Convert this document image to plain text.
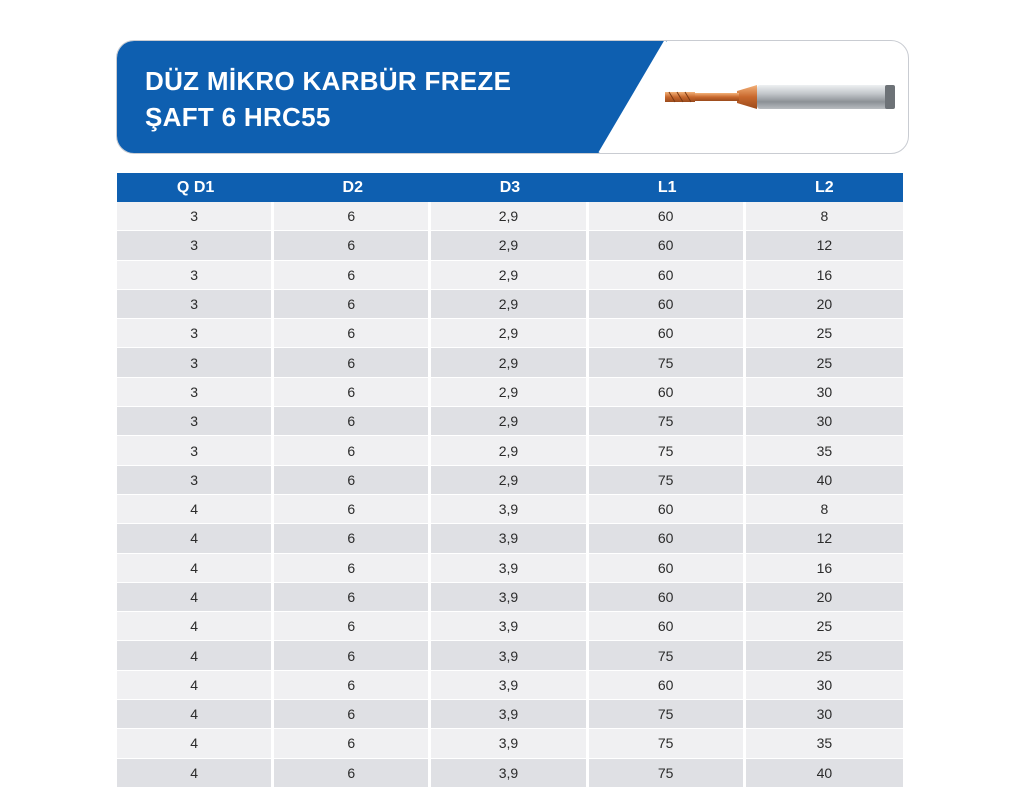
DÜZ MİKRO KARBÜR FREZE
ŞAFT 6 HRC55
Q D1	D2	D3	L1	L2
3	6	2,9	60	8
3	6	2,9	60	12
3	6	2,9	60	16
3	6	2,9	60	20
3	6	2,9	60	25
3	6	2,9	75	25
3	6	2,9	60	30
3	6	2,9	75	30
3	6	2,9	75	35
3	6	2,9	75	40
4	6	3,9	60	8
4	6	3,9	60	12
4	6	3,9	60	16
4	6	3,9	60	20
4	6	3,9	60	25
4	6	3,9	75	25
4	6	3,9	60	30
4	6	3,9	75	30
4	6	3,9	75	35
4	6	3,9	75	40
